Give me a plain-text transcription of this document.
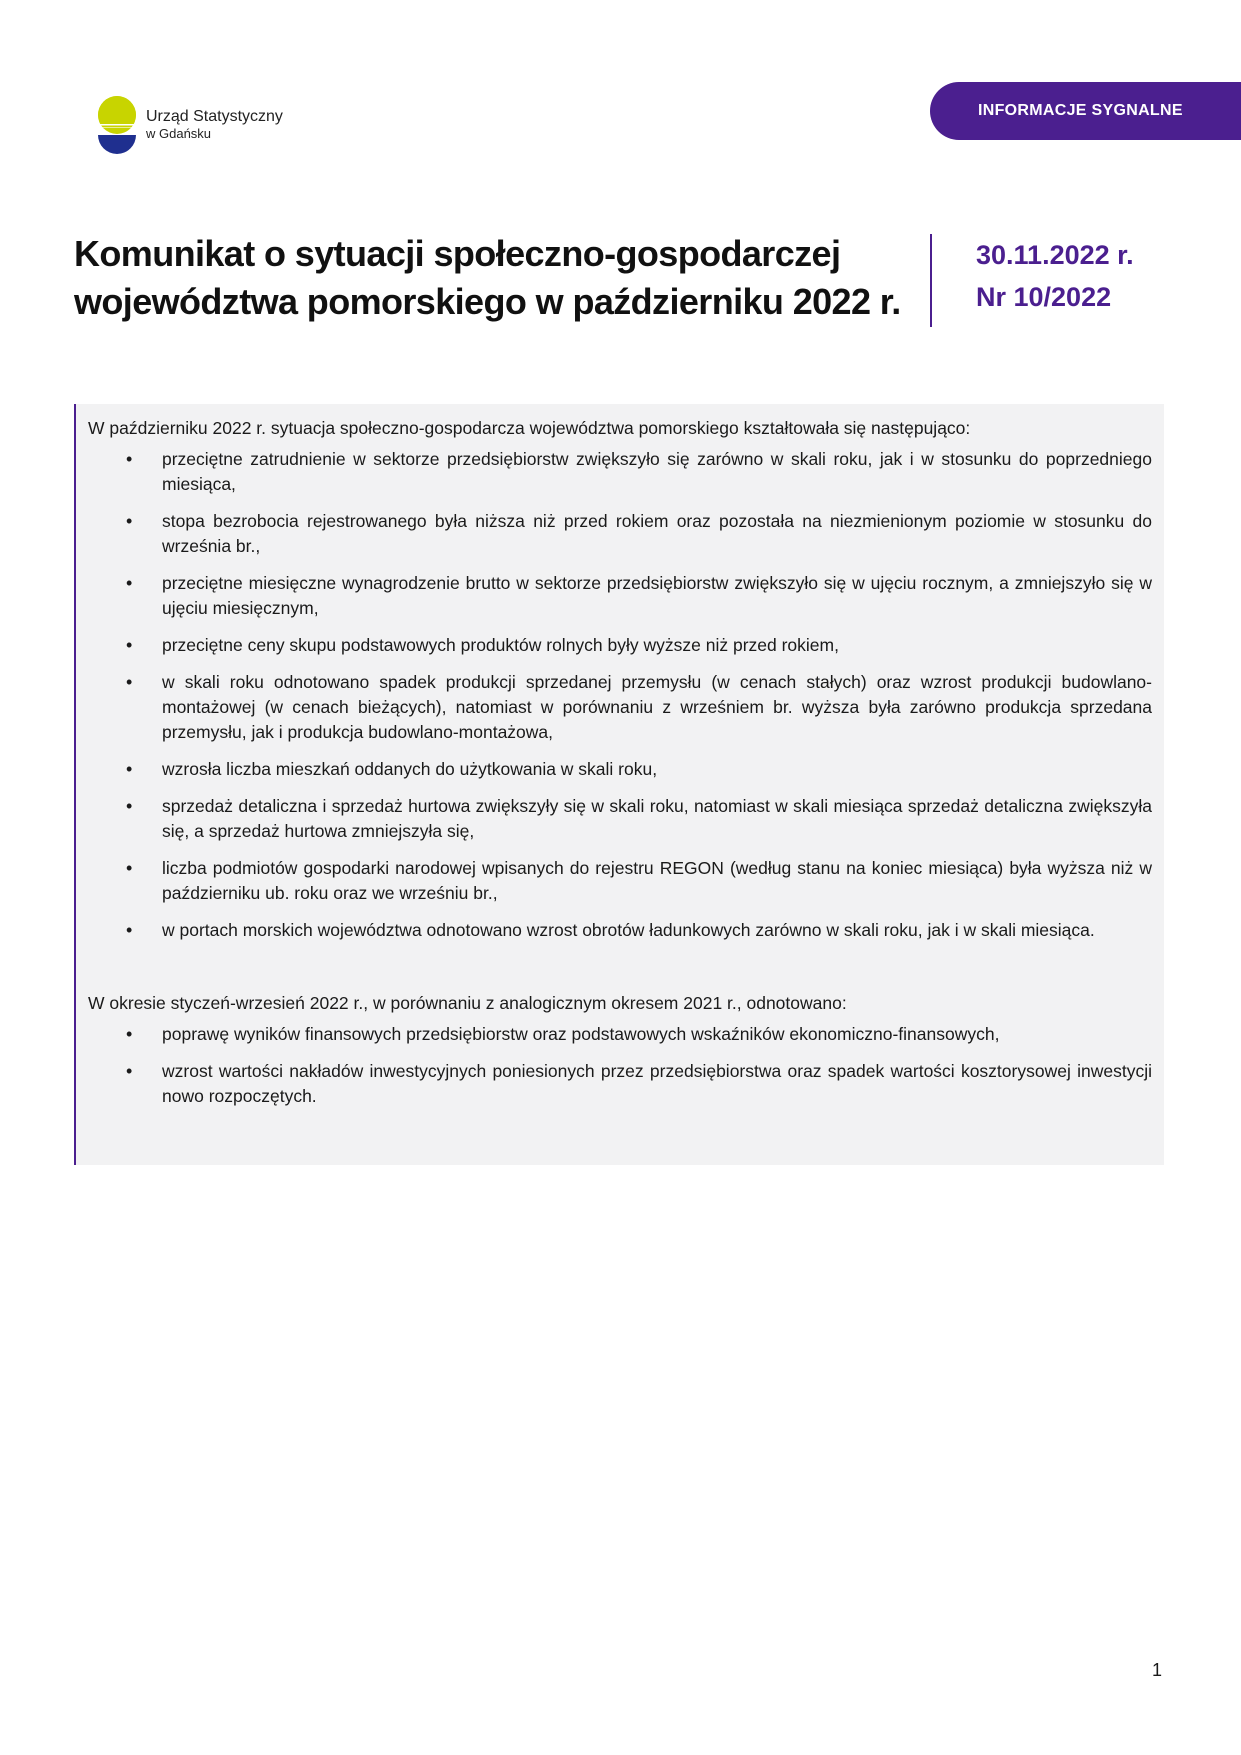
Urząd Statystyczny
w Gdańsku
INFORMACJE SYGNALNE
Komunikat o sytuacji społeczno-gospodarczej
województwa pomorskiego w październiku 2022 r.
30.11.2022 r.
Nr 10/2022

W październiku 2022 r. sytuacja społeczno-gospodarcza województwa pomorskiego kształtowała się następująco:

• przeciętne zatrudnienie w sektorze przedsiębiorstw zwiększyło się zarówno w skali roku, jak i w stosunku do poprzedniego miesiąca,
• stopa bezrobocia rejestrowanego była niższa niż przed rokiem oraz pozostała na niezmienionym poziomie w stosunku do września br.,
• przeciętne miesięczne wynagrodzenie brutto w sektorze przedsiębiorstw zwiększyło się w ujęciu rocznym, a zmniejszyło się w ujęciu miesięcznym,
• przeciętne ceny skupu podstawowych produktów rolnych były wyższe niż przed rokiem,
• w skali roku odnotowano spadek produkcji sprzedanej przemysłu (w cenach stałych) oraz wzrost produkcji budowlano-montażowej (w cenach bieżących), natomiast w porównaniu z wrześniem br. wyższa była zarówno produkcja sprzedana przemysłu, jak i produkcja budowlano-montażowa,
• wzrosła liczba mieszkań oddanych do użytkowania w skali roku,
• sprzedaż detaliczna i sprzedaż hurtowa zwiększyły się w skali roku, natomiast w skali miesiąca sprzedaż detaliczna zwiększyła się, a sprzedaż hurtowa zmniejszyła się,
• liczba podmiotów gospodarki narodowej wpisanych do rejestru REGON (według stanu na koniec miesiąca) była wyższa niż w październiku ub. roku oraz we wrześniu br.,
• w portach morskich województwa odnotowano wzrost obrotów ładunkowych zarówno w skali roku, jak i w skali miesiąca.

W okresie styczeń-wrzesień 2022 r., w porównaniu z analogicznym okresem 2021 r., odnotowano:

• poprawę wyników finansowych przedsiębiorstw oraz podstawowych wskaźników ekonomiczno-finansowych,
• wzrost wartości nakładów inwestycyjnych poniesionych przez przedsiębiorstwa oraz spadek wartości kosztorysowej inwestycji nowo rozpoczętych.
1
